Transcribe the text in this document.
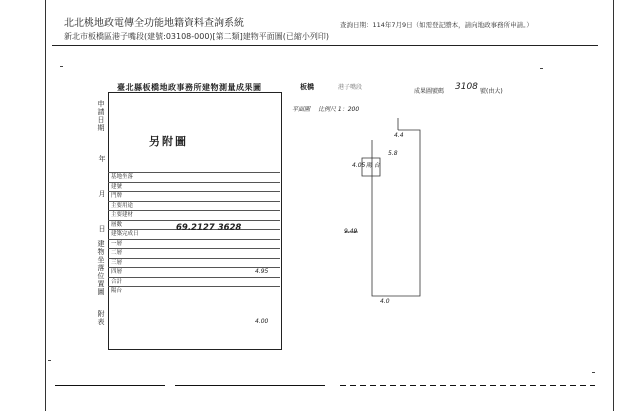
北北桃地政電傳全功能地籍資料查詢系統
新北市板橋區港子嘴段(建號:03108-000)[第二類]建物平面圖(已縮小列印)
查詢日期：114年7月9日（如需登記謄本，請向地政事務所申請。）
臺北縣板橋地政事務所建物測量成果圖	板橋	港子嘴段
成果圖號碼 3108 號(由大)
申請日期
年
月
日
建物坐落位置圖
附表
另附圖
基地坐落
建號
門牌
主要用途
主要建材
層數
建築完成日
一層
二層
三層
四層
合計
陽台
69.2127 3628
平面圖 比例尺 1：200
4.4
4.05
5.8
陽 台
4.0
9.49
4.95
4.00
